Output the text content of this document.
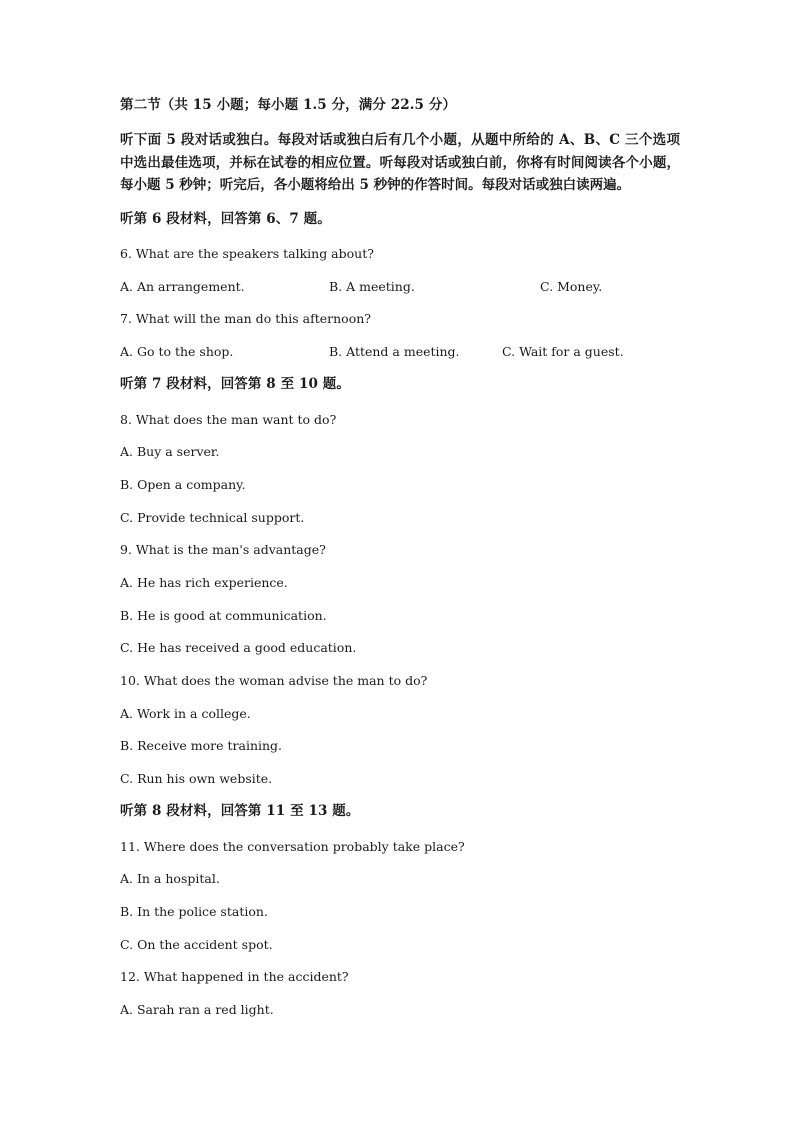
第二节（共 15 小题；每小题 1.5 分，满分 22.5 分）
听下面 5 段对话或独白。每段对话或独白后有几个小题，从题中所给的 A、B、C 三个选项中选出最佳选项，并标在试卷的相应位置。听每段对话或独白前，你将有时间阅读各个小题，每小题 5 秒钟；听完后，各小题将给出 5 秒钟的作答时间。每段对话或独白读两遍。
听第 6 段材料，回答第 6、7 题。
6. What are the speakers talking about?
A. An arrangement.	B. A meeting.	C. Money.
7. What will the man do this afternoon?
A. Go to the shop.	B. Attend a meeting.	C. Wait for a guest.
听第 7 段材料，回答第 8 至 10 题。
8. What does the man want to do?
A. Buy a server.
B. Open a company.
C. Provide technical support.
9. What is the man's advantage?
A. He has rich experience.
B. He is good at communication.
C. He has received a good education.
10. What does the woman advise the man to do?
A. Work in a college.
B. Receive more training.
C. Run his own website.
听第 8 段材料，回答第 11 至 13 题。
11. Where does the conversation probably take place?
A. In a hospital.
B. In the police station.
C. On the accident spot.
12. What happened in the accident?
A. Sarah ran a red light.
